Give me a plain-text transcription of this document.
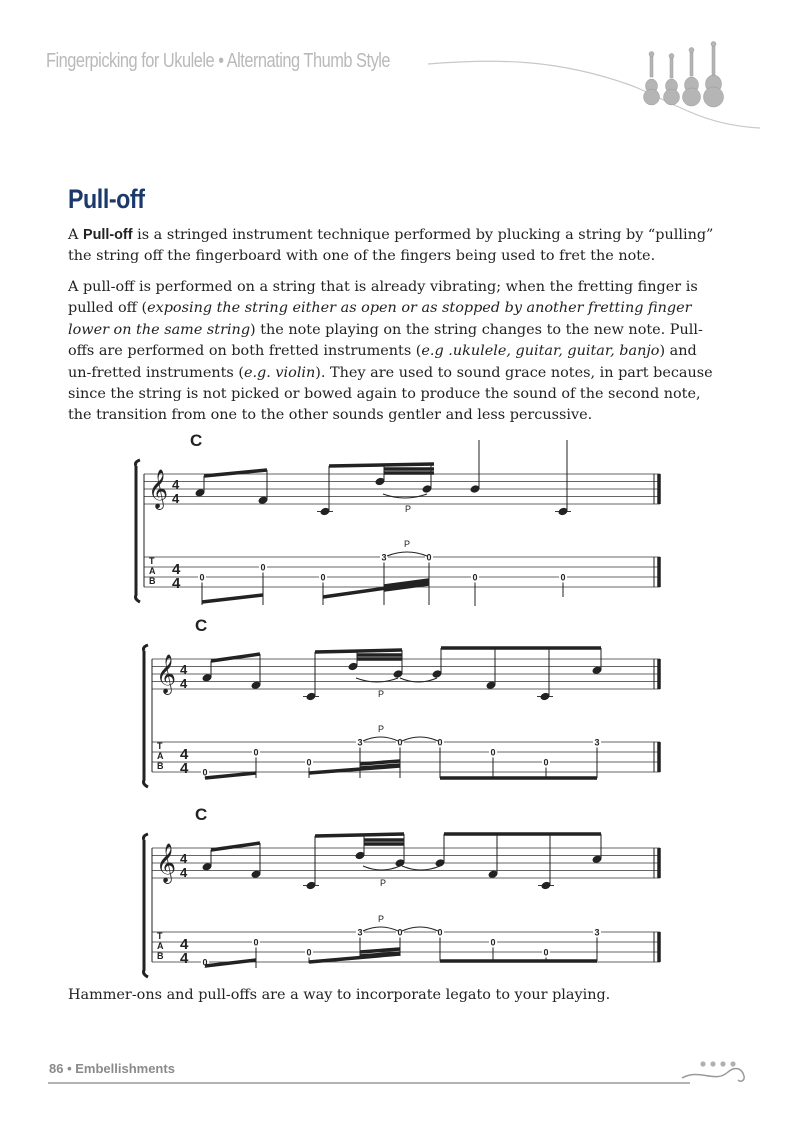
Fingerpicking for Ukulele • Alternating Thumb Style
Pull-off

A Pull-off is a stringed instrument technique performed by plucking a string by “pulling” the string off the fingerboard with one of the fingers being used to fret the note.

A pull-off is performed on a string that is already vibrating; when the fretting finger is pulled off (exposing the string either as open or as stopped by another fretting finger lower on the same string) the note playing on the string changes to the new note. Pull-offs are performed on both fretted instruments (e.g .ukulele, guitar, guitar, banjo) and un-fretted instruments (e.g. violin). They are used to sound grace notes, in part because since the string is not picked or bowed again to produce the sound of the second note, the transition from one to the other sounds gentler and less percussive.

C
𝄞
T
A
B
4
4
4
4
P
0
0
0
3	0
0	0
P
C
𝄞
T
A
B
4
4
4
4
P
0
0
0
3	0	0
0
0
3
P
C
𝄞
T
A
B
4
4
4
4
P
0
0
0
3	0	0
0
0
3
P

Hammer-ons and pull-offs are a way to incorporate legato to your playing.

86 • Embellishments
